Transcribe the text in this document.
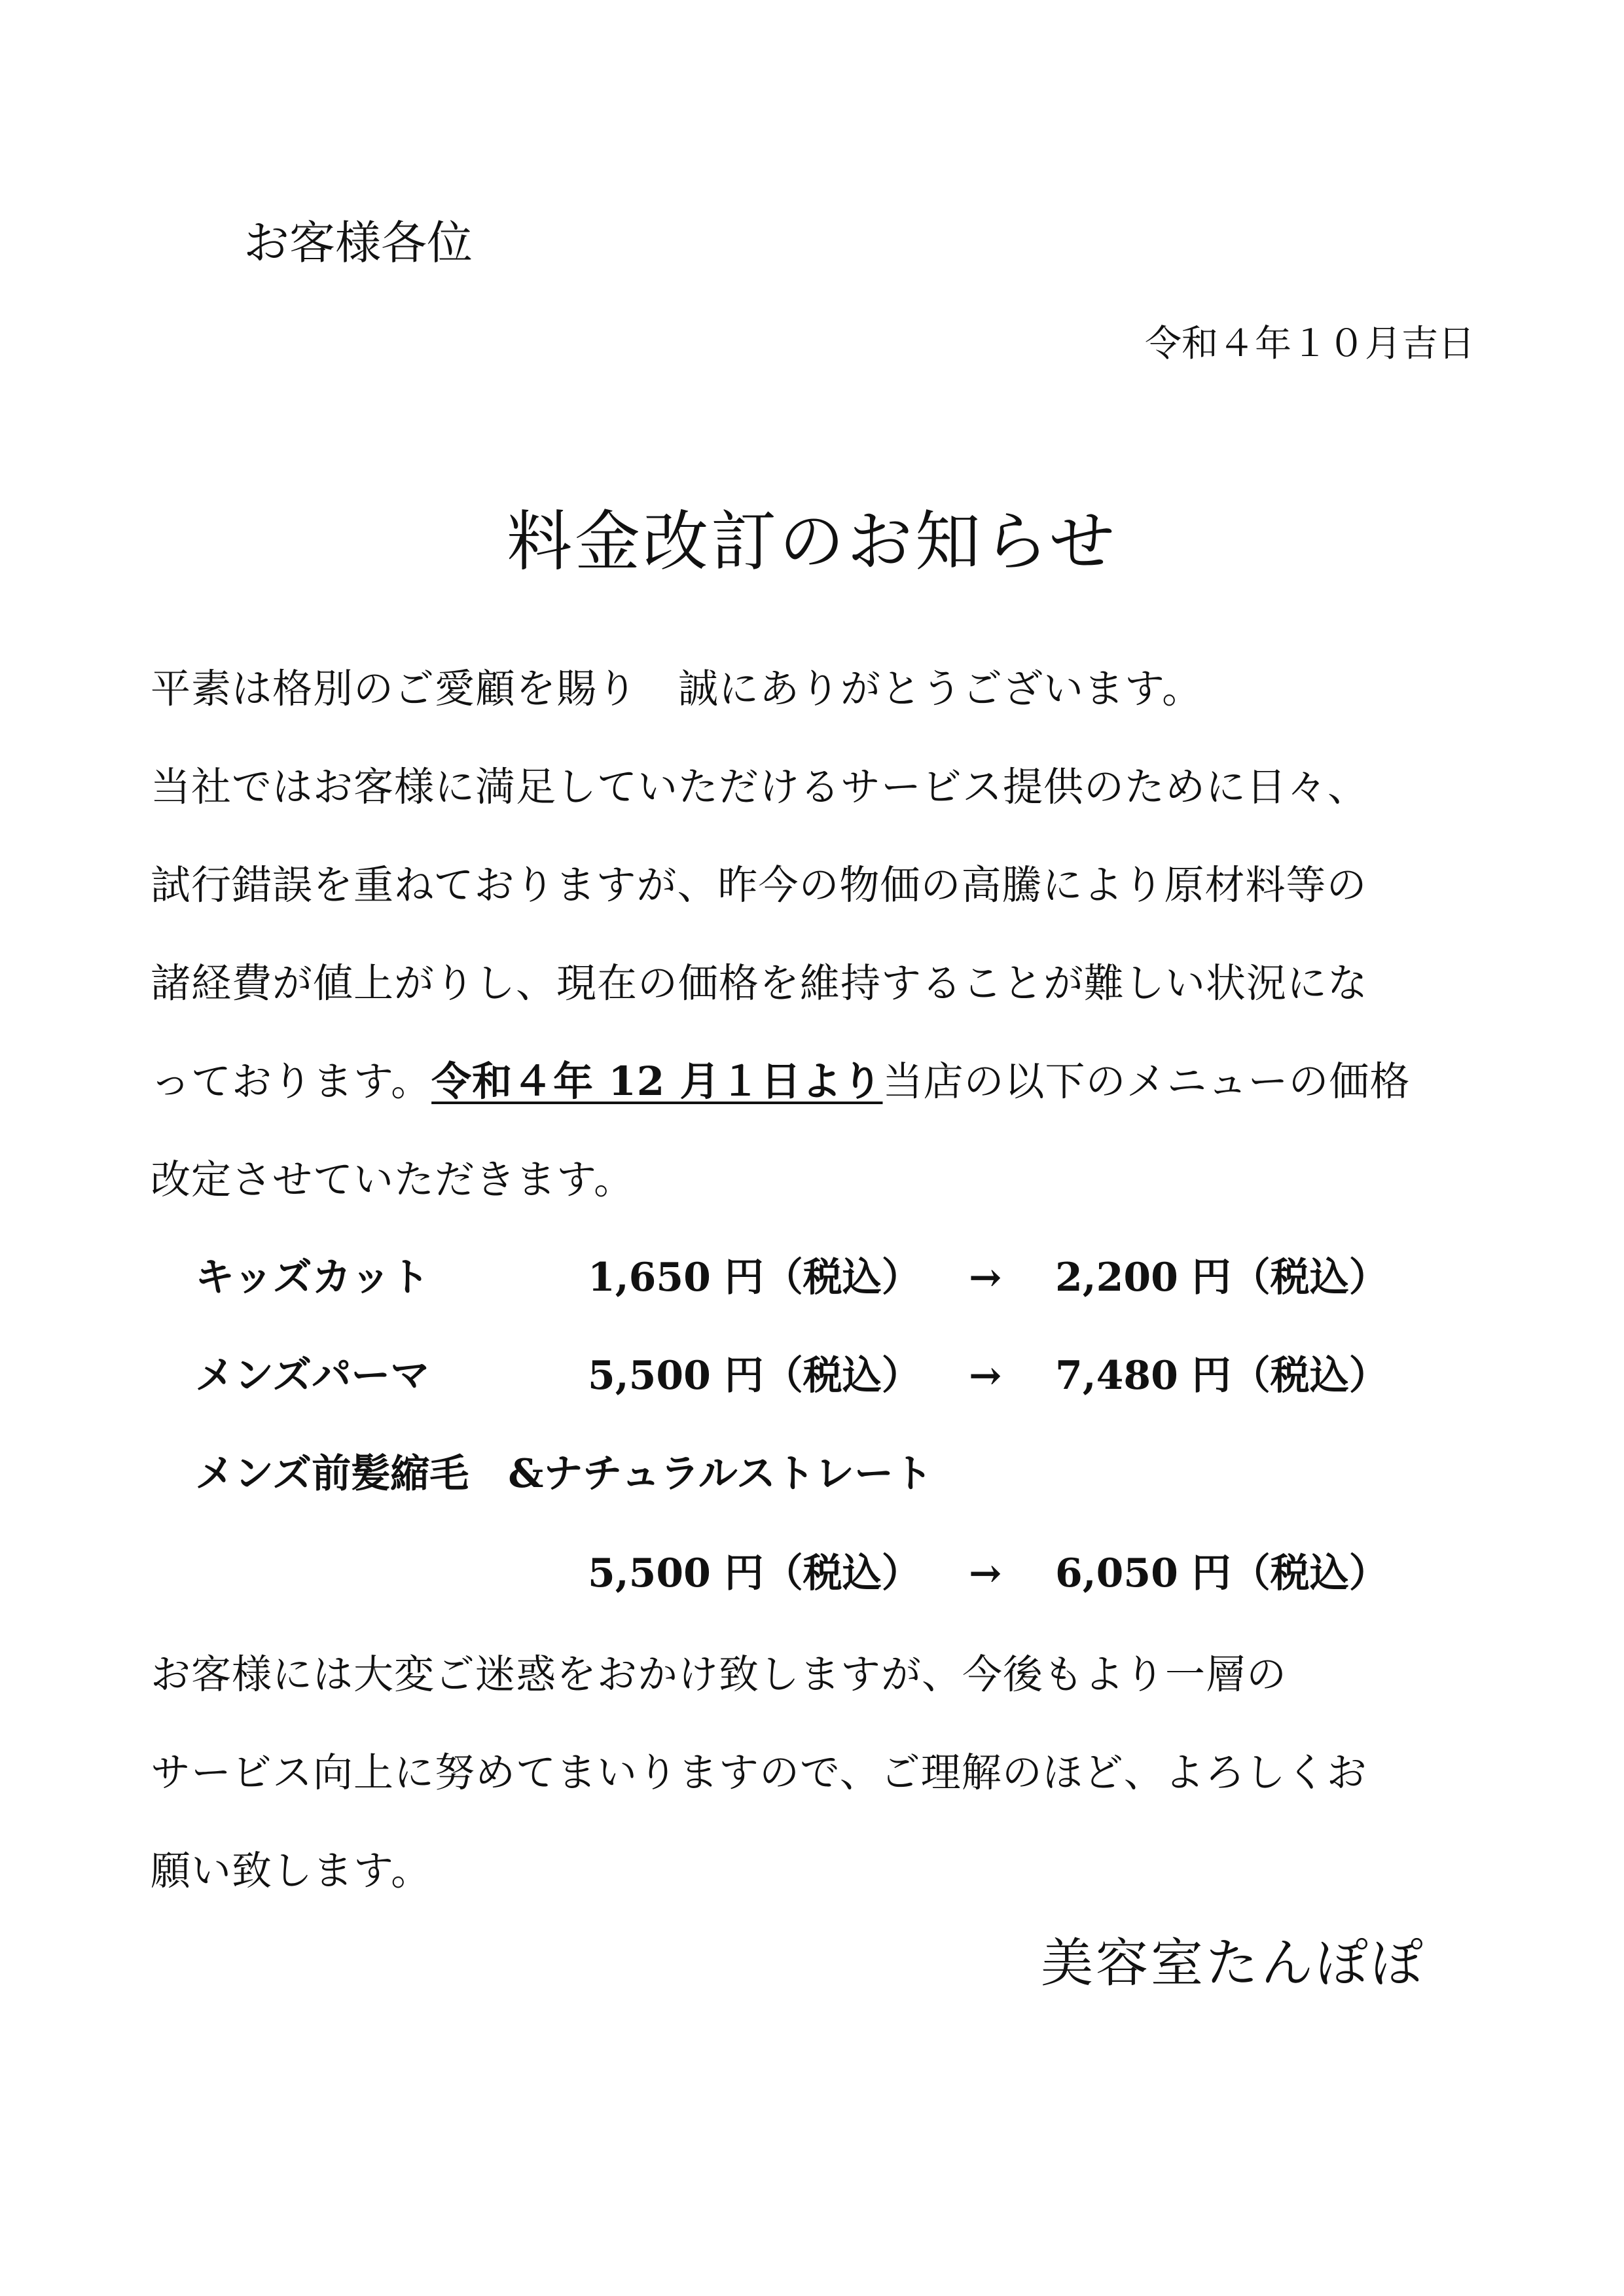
お客様各位
令和４年１０月吉日
料金改訂のお知らせ
平素は格別のご愛顧を賜り　誠にありがとうございます。
当社ではお客様に満足していただけるサービス提供のために日々、
試行錯誤を重ねておりますが、昨今の物価の高騰により原材料等の
諸経費が値上がりし、現在の価格を維持することが難しい状況にな
っております。令和４年 12 月１日より当店の以下のメニューの価格
改定させていただきます。
キッズカット	1,650 円（税込） → 2,200 円（税込）
メンズパーマ	5,500 円（税込） → 7,480 円（税込）
メンズ前髪縮毛　&ナチュラルストレート
5,500 円（税込） → 6,050 円（税込）
お客様には大変ご迷惑をおかけ致しますが、今後もより一層の
サービス向上に努めてまいりますので、ご理解のほど、よろしくお
願い致します。
美容室たんぽぽ
